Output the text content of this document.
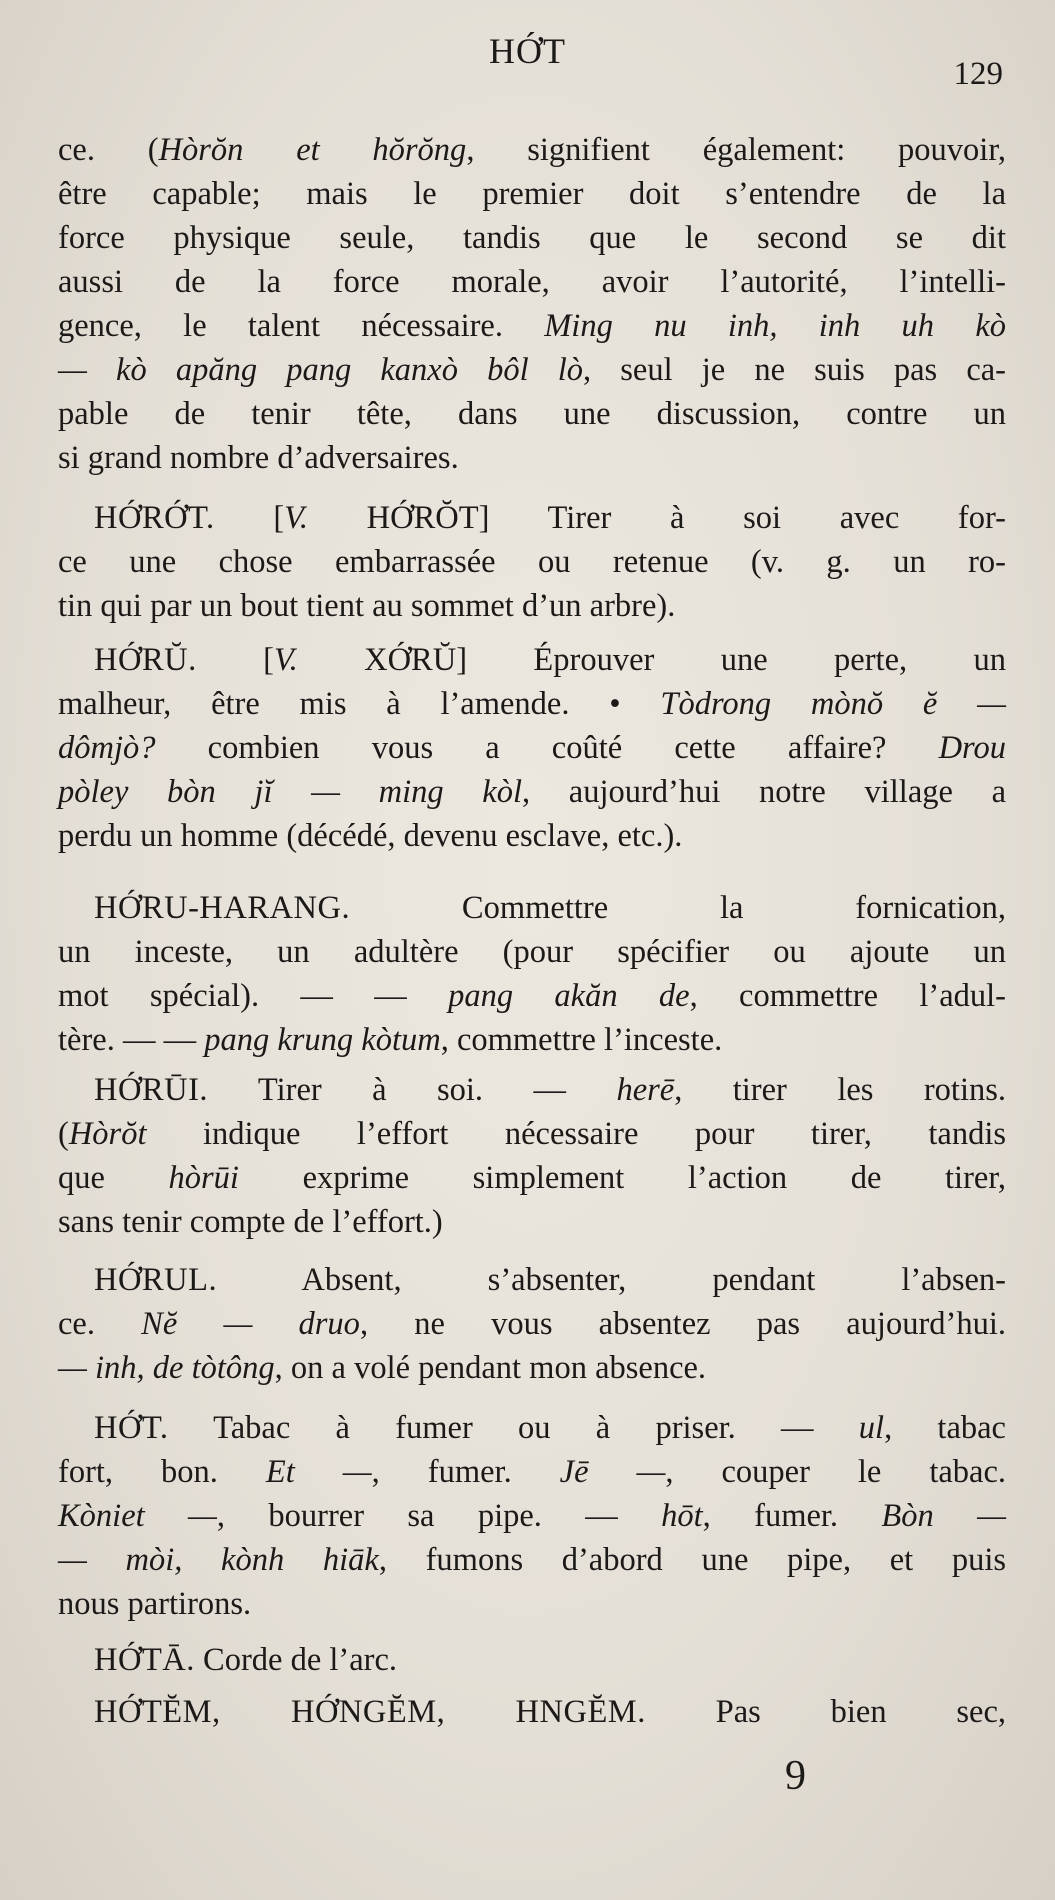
HỚT
129
ce. (Hòrŏn et hŏrŏng, signifient également: pouvoir,
être capable; mais le premier doit s’entendre de la
force physique seule, tandis que le second se dit
aussi de la force morale, avoir l’autorité, l’intelli-
gence, le talent nécessaire. Ming nu inh, inh uh kò
— kò apăng pang kanxò bôl lò, seul je ne suis pas ca-
pable de tenir tête, dans une discussion, contre un
si grand nombre d’adversaires.
HỚRỚT. [V. HỚRŎT] Tirer à soi avec for-
ce une chose embarrassée ou retenue (v. g. un ro-
tin qui par un bout tient au sommet d’un arbre).
HỚRŬ. [V. XỚRŬ] Éprouver une perte, un
malheur, être mis à l’amende. • Tòdrong mònŏ ĕ —
dômjò? combien vous a coûté cette affaire? Drou
pòley bòn jĭ — ming kòl, aujourd’hui notre village a
perdu un homme (décédé, devenu esclave, etc.).
HỚRU-HARANG. Commettre la fornication,
un inceste, un adultère (pour spécifier ou ajoute un
mot spécial). — — pang akăn de, commettre l’adul-
tère. — — pang krung kòtum, commettre l’inceste.
HỚRŪI. Tirer à soi. — herē, tirer les rotins.
(Hòrŏt indique l’effort nécessaire pour tirer, tandis
que hòrūi exprime simplement l’action de tirer,
sans tenir compte de l’effort.)
HỚRUL. Absent, s’absenter, pendant l’absen-
ce. Nĕ — druo, ne vous absentez pas aujourd’hui.
— inh, de tòtông, on a volé pendant mon absence.
HỚT. Tabac à fumer ou à priser. — ul, tabac
fort, bon. Et —, fumer. Jē —, couper le tabac.
Kòniet —, bourrer sa pipe. — hōt, fumer. Bòn —
— mòi, kònh hiāk, fumons d’abord une pipe, et puis
nous partirons.
HỚTĀ. Corde de l’arc.
HỚTĔM, HỚNGĔM, HNGĔM. Pas bien sec,
9
